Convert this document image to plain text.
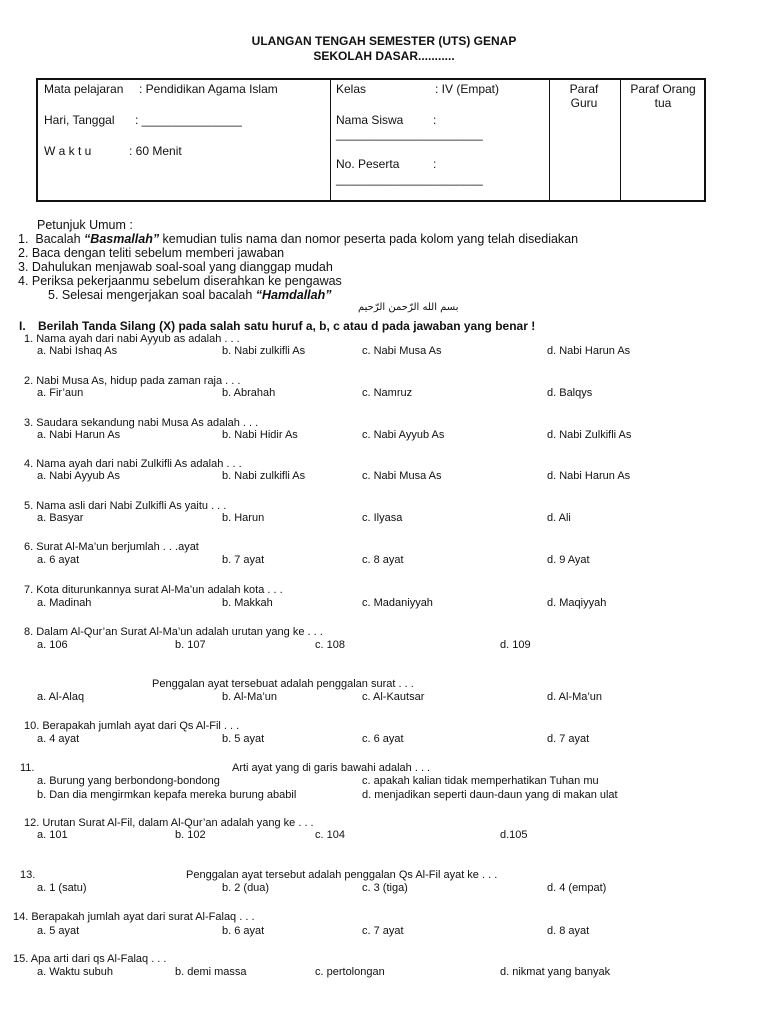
ULANGAN TENGAH SEMESTER (UTS) GENAP
SEKOLAH DASAR...........
Mata pelajaran : Pendidikan Agama Islam
Hari, Tanggal : _______________
W a k t u	: 60 Menit
Kelas	: IV (Empat)
Nama Siswa :
______________________
No. Peserta	:
______________________
Paraf
Guru
Paraf Orang
tua
Petunjuk Umum :
1. Bacalah “Basmallah” kemudian tulis nama dan nomor peserta pada kolom yang telah disediakan
2. Baca dengan teliti sebelum memberi jawaban
3. Dahulukan menjawab soal-soal yang dianggap mudah
4. Periksa pekerjaanmu sebelum diserahkan ke pengawas
5. Selesai mengerjakan soal bacalah “Hamdallah”
بسم الله الرّحمن الرّحيم
I. Berilah Tanda Silang (X) pada salah satu huruf a, b, c atau d pada jawaban yang benar !
1. Nama ayah dari nabi Ayyub as adalah . . .
a. Nabi Ishaq As	b. Nabi zulkifli As	c. Nabi Musa As	d. Nabi Harun As
2. Nabi Musa As, hidup pada zaman raja . . .
a. Fir’aun	b. Abrahah	c. Namruz	d. Balqys
3. Saudara sekandung nabi Musa As adalah . . .
a. Nabi Harun As	b. Nabi Hidir As	c. Nabi Ayyub As	d. Nabi Zulkifli As
4. Nama ayah dari nabi Zulkifli As adalah . . .
a. Nabi Ayyub As	b. Nabi zulkifli As	c. Nabi Musa As	d. Nabi Harun As
5. Nama asli dari Nabi Zulkifli As yaitu . . .
a. Basyar	b. Harun	c. Ilyasa	d. Ali
6. Surat Al-Ma’un berjumlah . . .ayat
a. 6 ayat	b. 7 ayat	c. 8 ayat	d. 9 Ayat
7. Kota diturunkannya surat Al-Ma’un adalah kota . . .
a. Madinah	b. Makkah	c. Madaniyyah	d. Maqiyyah
8. Dalam Al-Qur’an Surat Al-Ma’un adalah urutan yang ke . . .
a. 106	b. 107	c. 108	d. 109
Penggalan ayat tersebuat adalah penggalan surat . . .
a. Al-Alaq	b. Al-Ma’un	c. Al-Kautsar	d. Al-Ma’un
10. Berapakah jumlah ayat dari Qs Al-Fil . . .
a. 4 ayat	b. 5 ayat	c. 6 ayat	d. 7 ayat
11.	Arti ayat yang di garis bawahi adalah . . .
a. Burung yang berbondong-bondong	c. apakah kalian tidak memperhatikan Tuhan mu
b. Dan dia mengirmkan kepafa mereka burung ababil	d. menjadikan seperti daun-daun yang di makan ulat
12. Urutan Surat Al-Fil, dalam Al-Qur’an adalah yang ke . . .
a. 101	b. 102	c. 104	d.105
13.	Penggalan ayat tersebut adalah penggalan Qs Al-Fil ayat ke . . .
a. 1 (satu)	b. 2 (dua)	c. 3 (tiga)	d. 4 (empat)
14. Berapakah jumlah ayat dari surat Al-Falaq . . .
a. 5 ayat	b. 6 ayat	c. 7 ayat	d. 8 ayat
15. Apa arti dari qs Al-Falaq . . .
a. Waktu subuh	b. demi massa	c. pertolongan	d. nikmat yang banyak
